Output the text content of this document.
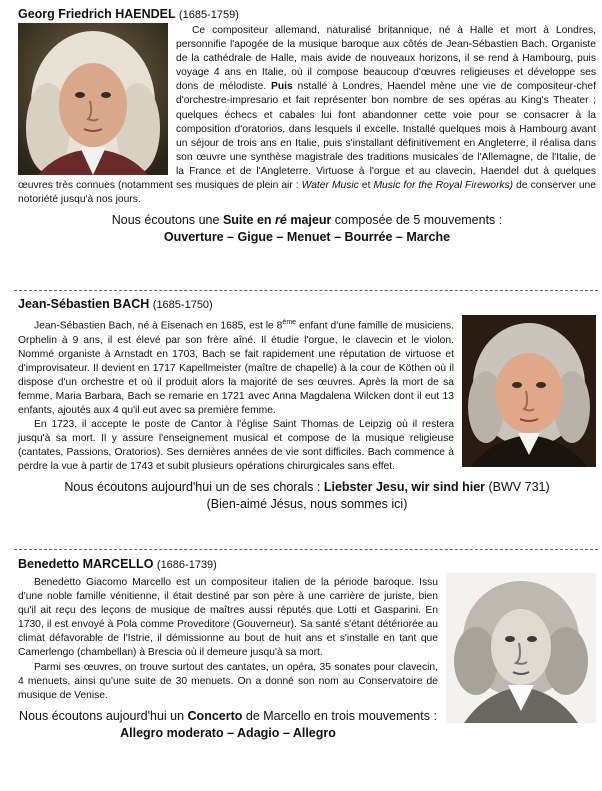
Georg Friedrich HAENDEL (1685-1759)

Ce compositeur allemand, naturalisé britannique, né à Halle et mort à Londres, personnifie l'apogée de la musique baroque aux côtés de Jean-Sébastien Bach. Organiste de la cathédrale de Halle, mais avide de nouveaux horizons, il se rend à Hambourg, puis voyage 4 ans en Italie, où il compose beaucoup d'œuvres religieuses et développe ses dons de mélodiste. Puis nstallé à Londres, Haendel mène une vie de compositeur-chef d'orchestre-impresario et fait représenter bon nombre de ses opéras au King's Theater ; quelques échecs et cabales lui font abandonner cette voie pour se consacrer à la composition d'oratorios, dans lesquels il excelle. Installé quelques mois à Hambourg avant un séjour de trois ans en Italie, puis s'installant définitivement en Angleterre, il réalisa dans son œuvre une synthèse magistrale des traditions musicales de l'Allemagne, de l'Italie, de la France et de l'Angleterre. Virtuose à l'orgue et au clavecin, Haendel dut à quelques œuvres très connues (notamment ses musiques de plein air : Water Music et Music for the Royal Fireworks) de conserver une notoriété jusqu'à nos jours.

Nous écoutons une Suite en ré majeur composée de 5 mouvements :

Ouverture – Gigue – Menuet – Bourrée – Marche

Jean-Sébastien BACH (1685-1750)

Jean-Sébastien Bach, né à Eisenach en 1685, est le 8ème enfant d'une famille de musiciens. Orphelin à 9 ans, il est élevé par son frère aîné. Il étudie l'orgue, le clavecin et le violon. Nommé organiste à Arnstadt en 1703, Bach se fait rapidement une réputation de virtuose et d'improvisateur. Il devient en 1717 Kapellmeister (maître de chapelle) à la cour de Köthen où il dispose d'un orchestre et où il produit alors la majorité de ses œuvres. Après la mort de sa femme, Maria Barbara, Bach se remarie en 1721 avec Anna Magdalena Wilcken dont il eut 13 enfants, ajoutés aux 4 qu'il eut avec sa première femme.

En 1723, il accepte le poste de Cantor à l'église Saint Thomas de Leipzig où il restera jusqu'à sa mort. Il y assure l'enseignement musical et compose de la musique religieuse (cantates, Passions, Oratorios). Ses dernières années de vie sont difficiles. Bach commence à perdre la vue à partir de 1743 et subit plusieurs opérations chirurgicales sans effet.

Nous écoutons aujourd'hui un de ses chorals : Liebster Jesu, wir sind hier (BWV 731)

(Bien-aimé Jésus, nous sommes ici)

Benedetto MARCELLO (1686-1739)

Benedetto Giacomo Marcello est un compositeur italien de la période baroque. Issu d'une noble famille vénitienne, il était destiné par son père à une carrière de juriste, bien qu'il ait reçu des leçons de musique de maîtres aussi réputés que Lotti et Gasparini. En 1730, il est envoyé à Pola comme Proveditore (Gouverneur). Sa santé s'étant détériorée au climat défavorable de l'Istrie, il démissionne au bout de huit ans et s'installe en tant que Camerlengo (chambellan) à Brescia où il demeure jusqu'à sa mort.

Parmi ses œuvres, on trouve surtout des cantates, un opéra, 35 sonates pour clavecin, 4 menuets, ainsi qu'une suite de 30 menuets. On a donné son nom au Conservatoire de musique de Venise.

Nous écoutons aujourd'hui un Concerto de Marcello en trois mouvements :

Allegro moderato – Adagio – Allegro
